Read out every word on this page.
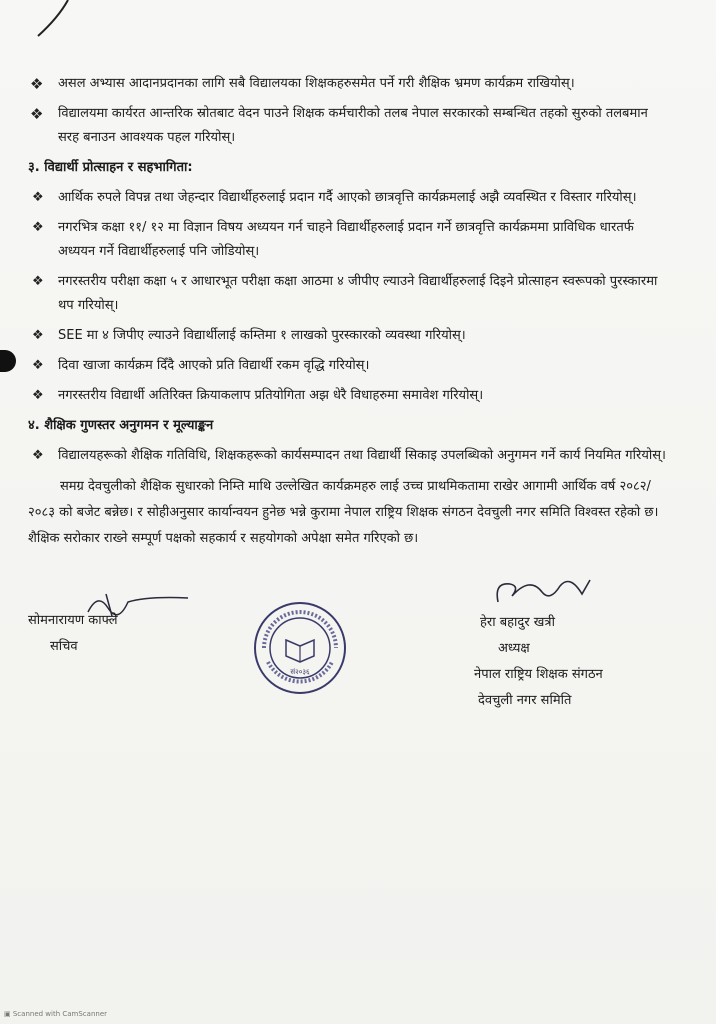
❖ असल अभ्यास आदानप्रदानका लागि सबै विद्यालयका शिक्षकहरुसमेत पर्ने गरी शैक्षिक भ्रमण कार्यक्रम राखियोस्।
❖ विद्यालयमा कार्यरत आन्तरिक स्रोतबाट वेदन पाउने शिक्षक कर्मचारीको तलब नेपाल सरकारको सम्बन्धित तहको सुरुको तलबमान सरह बनाउन आवश्यक पहल गरियोस्।
३. विद्यार्थी प्रोत्साहन र सहभागिता:
❖ आर्थिक रुपले विपन्न तथा जेहन्दार विद्यार्थीहरुलाई प्रदान गर्दै आएको छात्रवृत्ति कार्यक्रमलाई अझै व्यवस्थित र विस्तार गरियोस्।
❖ नगरभित्र कक्षा ११/ १२ मा विज्ञान विषय अध्ययन गर्न चाहने विद्यार्थीहरुलाई प्रदान गर्ने छात्रवृत्ति कार्यक्रममा प्राविधिक धारतर्फ अध्ययन गर्ने विद्यार्थीहरुलाई पनि जोडियोस्।
❖ नगरस्तरीय परीक्षा कक्षा ५ र आधारभूत परीक्षा कक्षा आठमा ४ जीपीए ल्याउने विद्यार्थीहरुलाई दिइने प्रोत्साहन स्वरूपको पुरस्कारमा थप गरियोस्।
❖ SEE मा ४ जिपीए ल्याउने विद्यार्थीलाई कम्तिमा १ लाखको पुरस्कारको व्यवस्था गरियोस्।
❖ दिवा खाजा कार्यक्रम दिँदै आएको प्रति विद्यार्थी रकम वृद्धि गरियोस्।
❖ नगरस्तरीय विद्यार्थी अतिरिक्त क्रियाकलाप प्रतियोगिता अझ धेरै विधाहरुमा समावेश गरियोस्।
४. शैक्षिक गुणस्तर अनुगमन र मूल्याङ्कन
❖ विद्यालयहरूको शैक्षिक गतिविधि, शिक्षकहरूको कार्यसम्पादन तथा विद्यार्थी सिकाइ उपलब्धिको अनुगमन गर्ने कार्य नियमित गरियोस्।
समग्र देवचुलीको शैक्षिक सुधारको निम्ति माथि उल्लेखित कार्यक्रमहरु लाई उच्च प्राथमिकतामा राखेर आगामी आर्थिक वर्ष २०८२/ २०८३ को बजेट बन्नेछ। र सोहीअनुसार कार्यान्वयन हुनेछ भन्ने कुरामा नेपाल राष्ट्रिय शिक्षक संगठन देवचुली नगर समिति विश्वस्त रहेको छ। शैक्षिक सरोकार राख्ने सम्पूर्ण पक्षको सहकार्य र सहयोगको अपेक्षा समेत गरिएको छ।
सोमनारायण काफ्ले
सचिव
हेरा बहादुर खत्री
अध्यक्ष
नेपाल राष्ट्रिय शिक्षक संगठन
देवचुली नगर समिति
सं२०३६
▣ Scanned with CamScanner
